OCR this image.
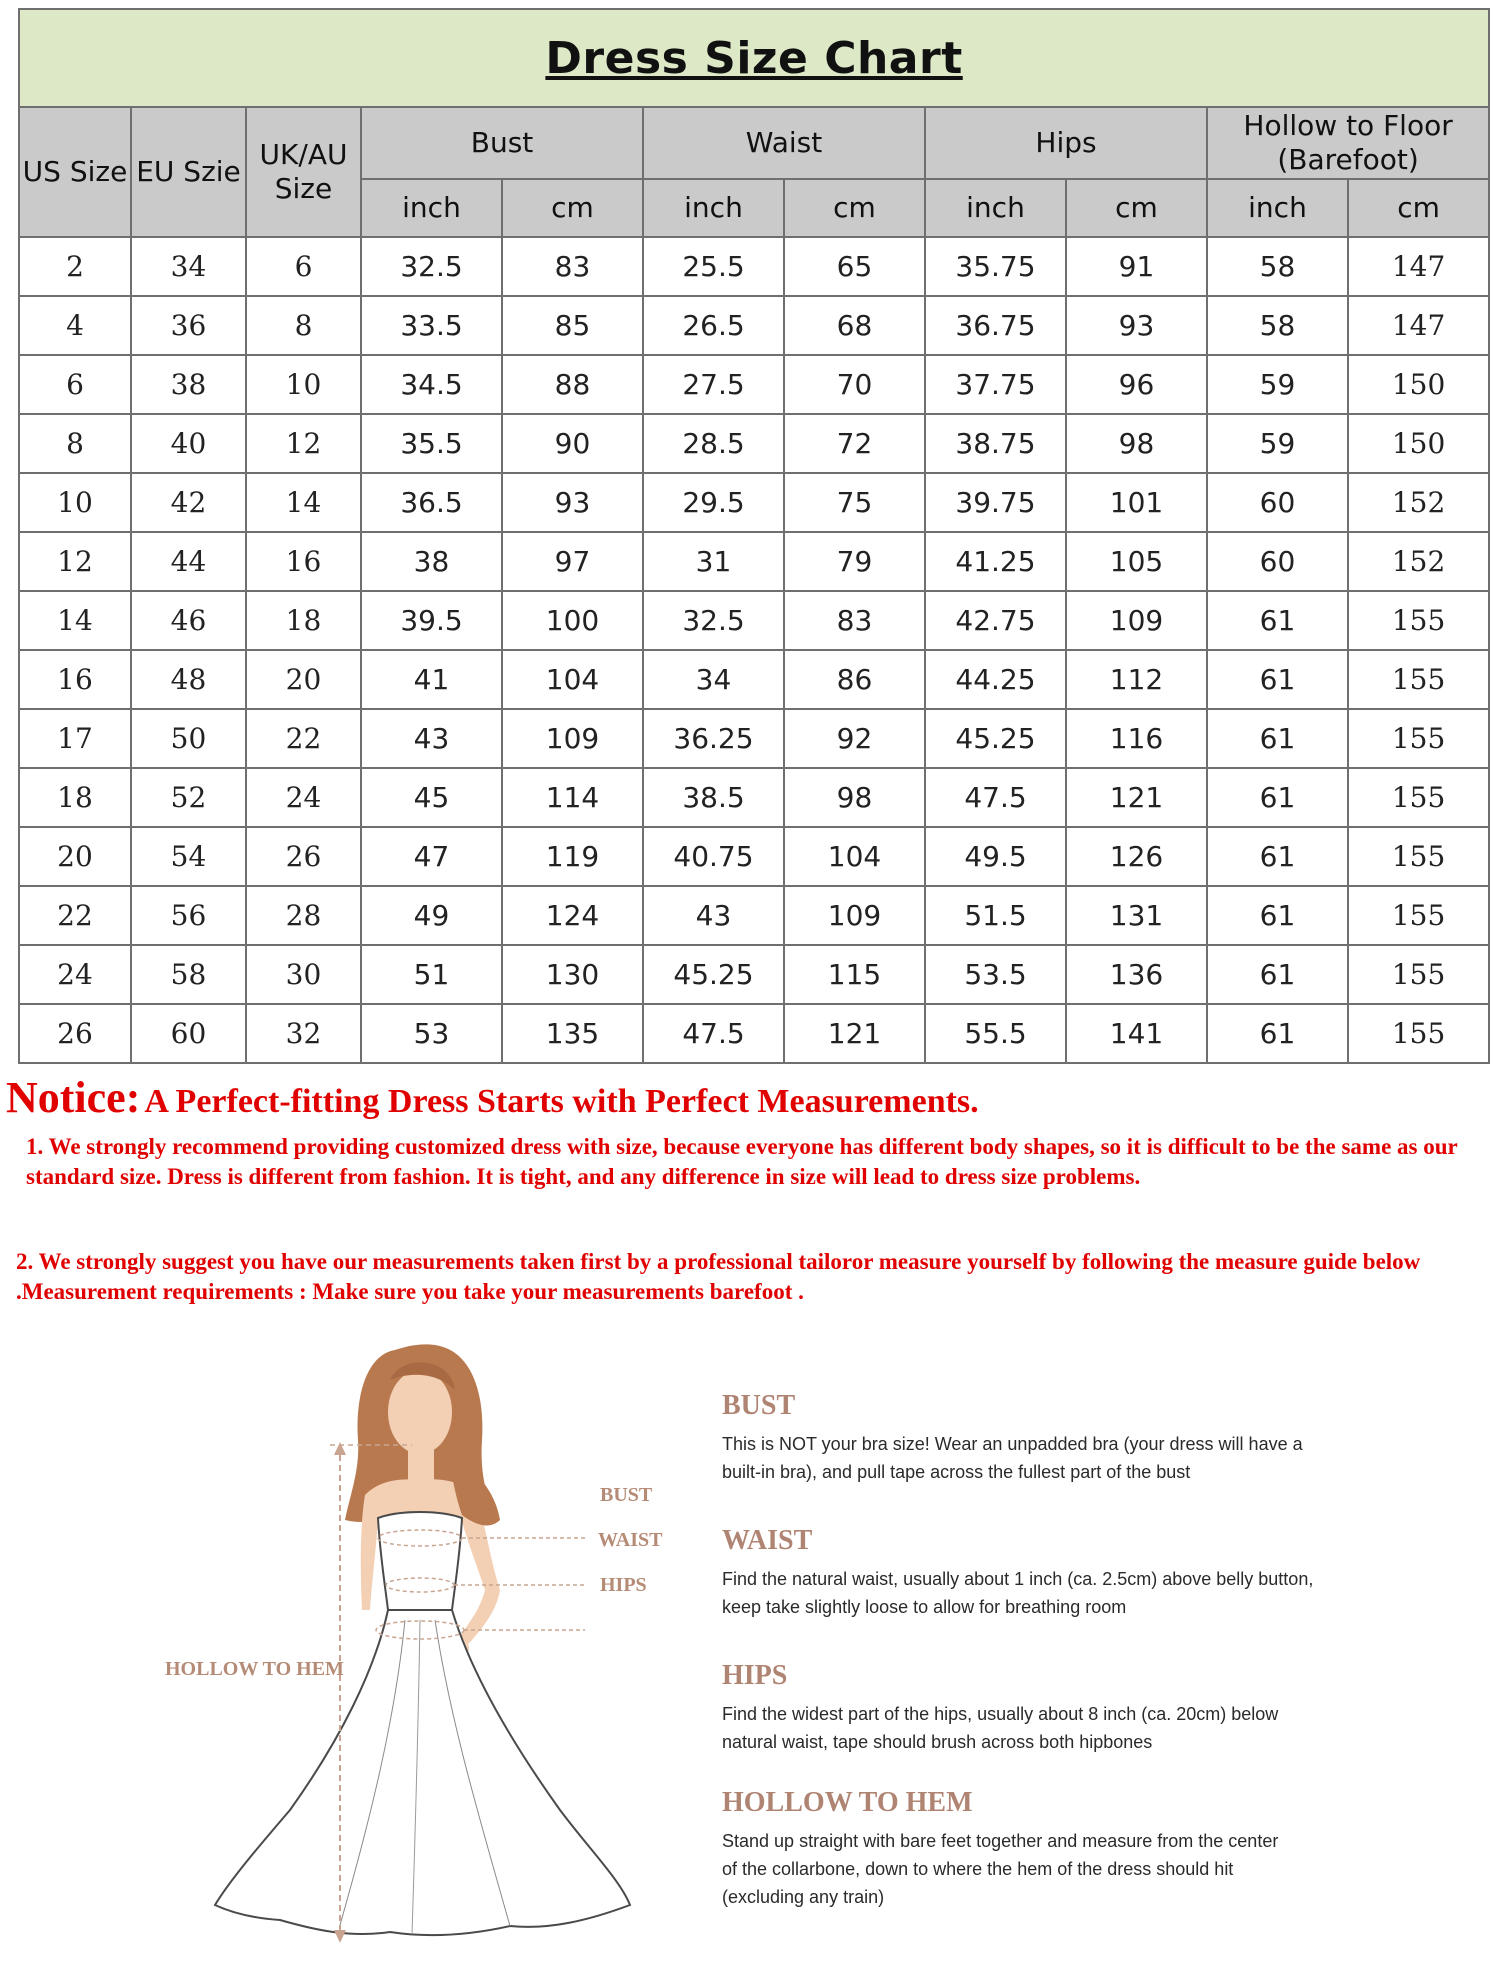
Dress Size Chart										
US Size	EU Szie	UK/AU Size	Bust		Waist		Hips		Hollow to Floor (Barefoot)	
			inch	cm	inch	cm	inch	cm	inch	cm
2	34	6	32.5	83	25.5	65	35.75	91	58	147
4	36	8	33.5	85	26.5	68	36.75	93	58	147
6	38	10	34.5	88	27.5	70	37.75	96	59	150
8	40	12	35.5	90	28.5	72	38.75	98	59	150
10	42	14	36.5	93	29.5	75	39.75	101	60	152
12	44	16	38	97	31	79	41.25	105	60	152
14	46	18	39.5	100	32.5	83	42.75	109	61	155
16	48	20	41	104	34	86	44.25	112	61	155
17	50	22	43	109	36.25	92	45.25	116	61	155
18	52	24	45	114	38.5	98	47.5	121	61	155
20	54	26	47	119	40.75	104	49.5	126	61	155
22	56	28	49	124	43	109	51.5	131	61	155
24	58	30	51	130	45.25	115	53.5	136	61	155
26	60	32	53	135	47.5	121	55.5	141	61	155
Notice: A Perfect-fitting Dress Starts with Perfect Measurements.
1. We strongly recommend providing customized dress with size, because everyone has different body shapes, so it is difficult to be the same as our standard size. Dress is different from fashion. It is tight, and any difference in size will lead to dress size problems.
2. We strongly suggest you have our measurements taken first by a professional tailoror measure yourself by following the measure guide below .Measurement requirements : Make sure you take your measurements barefoot .
BUST
WAIST
HIPS
HOLLOW TO HEM
BUST

This is NOT your bra size! Wear an unpadded bra (your dress will have a built-in bra), and pull tape across the fullest part of the bust

WAIST

Find the natural waist, usually about 1 inch (ca. 2.5cm) above belly button, keep take slightly loose to allow for breathing room

HIPS

Find the widest part of the hips, usually about 8 inch (ca. 20cm) below natural waist, tape should brush across both hipbones

HOLLOW TO HEM

Stand up straight with bare feet together and measure from the center of the collarbone, down to where the hem of the dress should hit (excluding any train)
